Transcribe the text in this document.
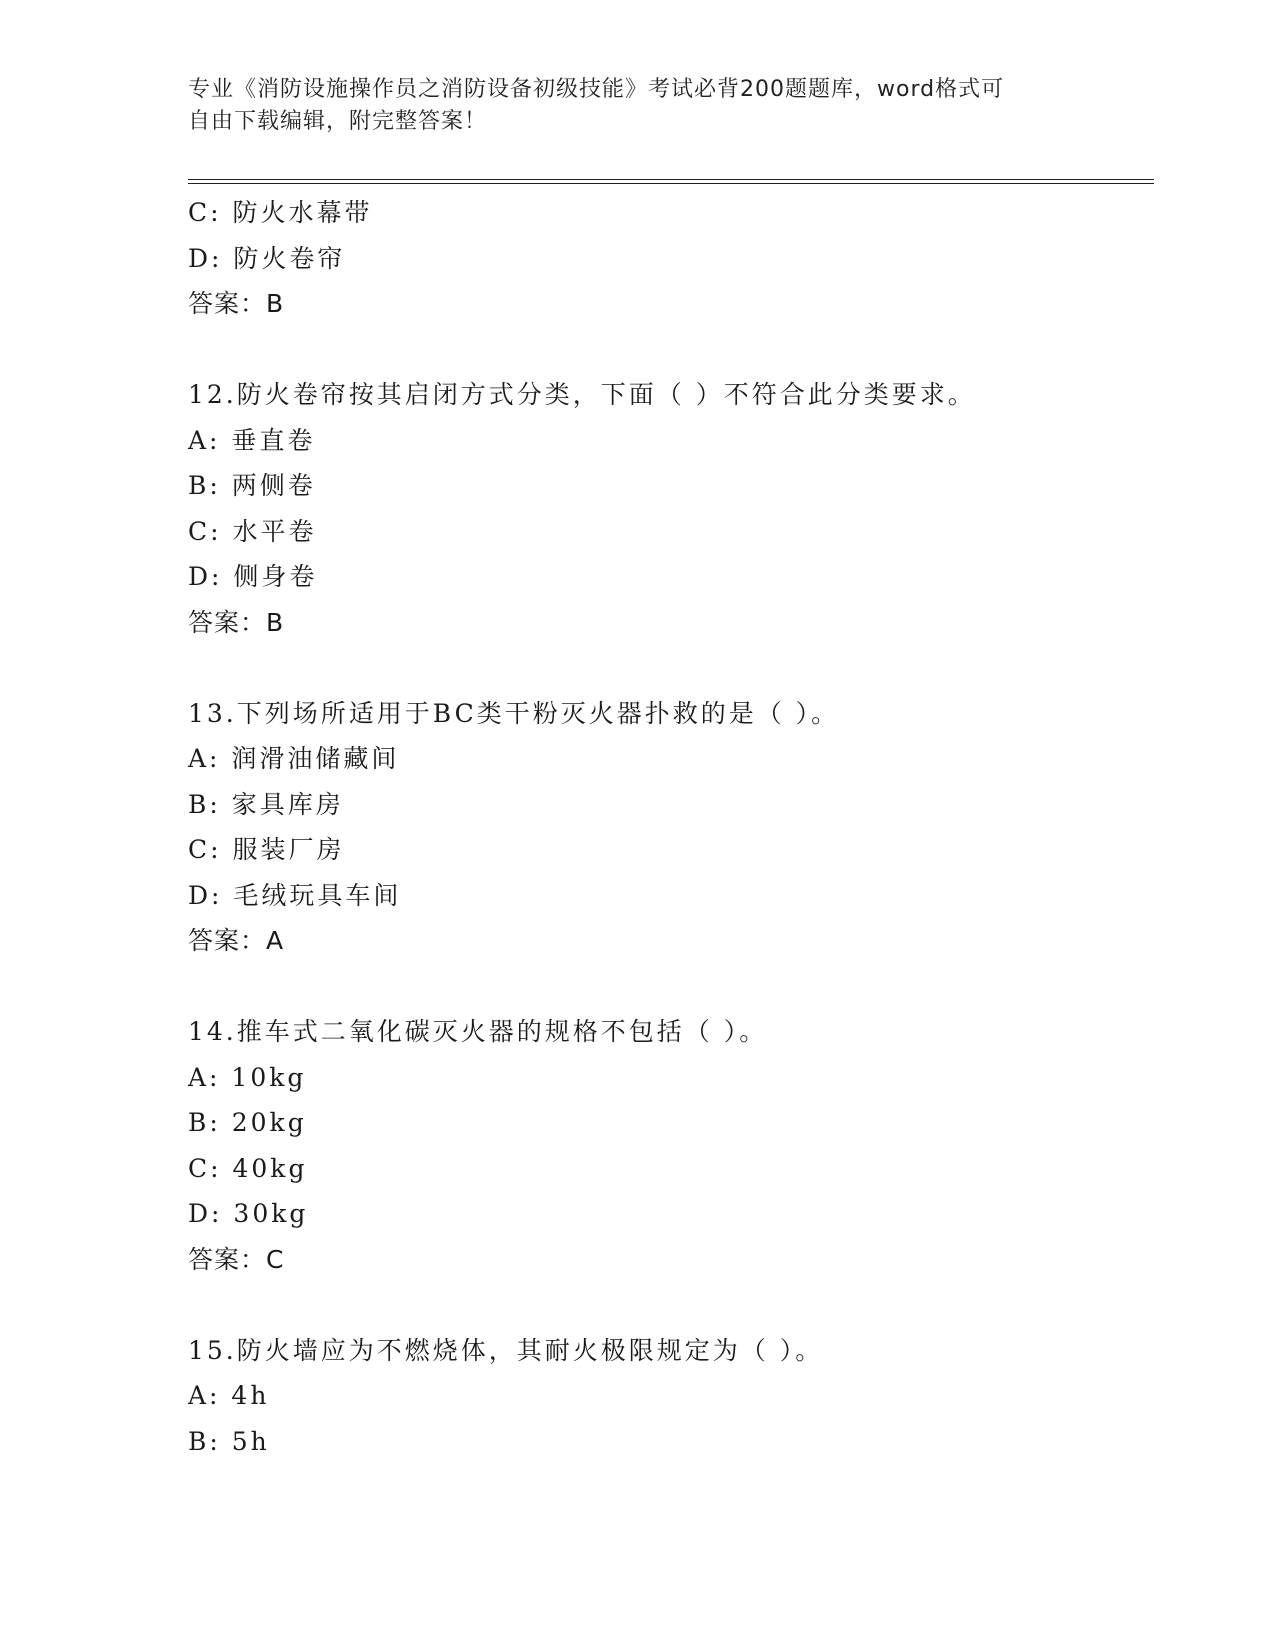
专业《消防设施操作员之消防设备初级技能》考试必背200题题库，word格式可
自由下载编辑，附完整答案！
C: 防火水幕带
D: 防火卷帘
答案：B
12.防火卷帘按其启闭方式分类，下面（ ）不符合此分类要求。
A: 垂直卷
B: 两侧卷
C: 水平卷
D: 侧身卷
答案：B
13.下列场所适用于BC类干粉灭火器扑救的是（ ）。
A: 润滑油储藏间
B: 家具库房
C: 服装厂房
D: 毛绒玩具车间
答案：A
14.推车式二氧化碳灭火器的规格不包括（ ）。
A: 10kg
B: 20kg
C: 40kg
D: 30kg
答案：C
15.防火墙应为不燃烧体，其耐火极限规定为（ ）。
A: 4h
B: 5h
